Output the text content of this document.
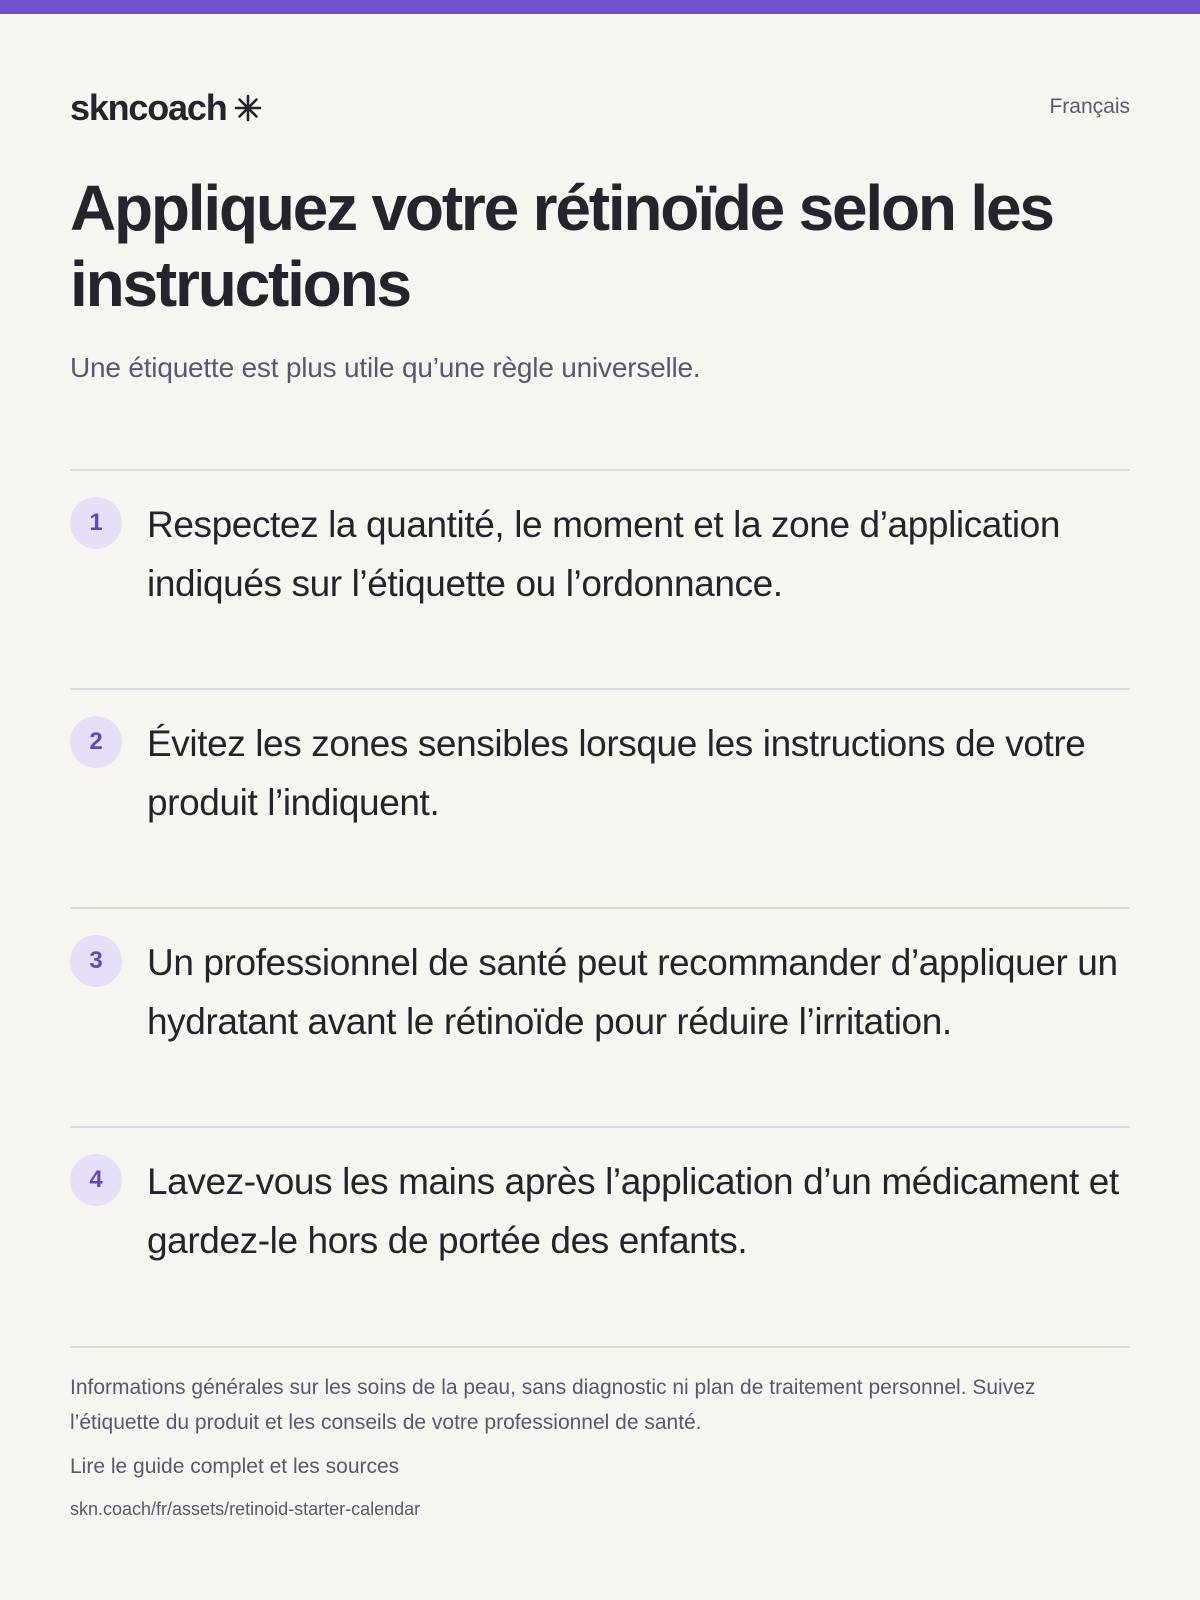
skncoach	Français
Appliquez votre rétinoïde selon les instructions

Une étiquette est plus utile qu’une règle universelle.

1	Respectez la quantité, le moment et la zone d’application indiqués sur l’étiquette ou l’ordonnance.

2	Évitez les zones sensibles lorsque les instructions de votre produit l’indiquent.

3	Un professionnel de santé peut recommander d’appliquer un hydratant avant le rétinoïde pour réduire l’irritation.

4	Lavez-vous les mains après l’application d’un médicament et gardez-le hors de portée des enfants.

Informations générales sur les soins de la peau, sans diagnostic ni plan de traitement personnel. Suivez l’étiquette du produit et les conseils de votre professionnel de santé.

Lire le guide complet et les sources

skn.coach/fr/assets/retinoid-starter-calendar
